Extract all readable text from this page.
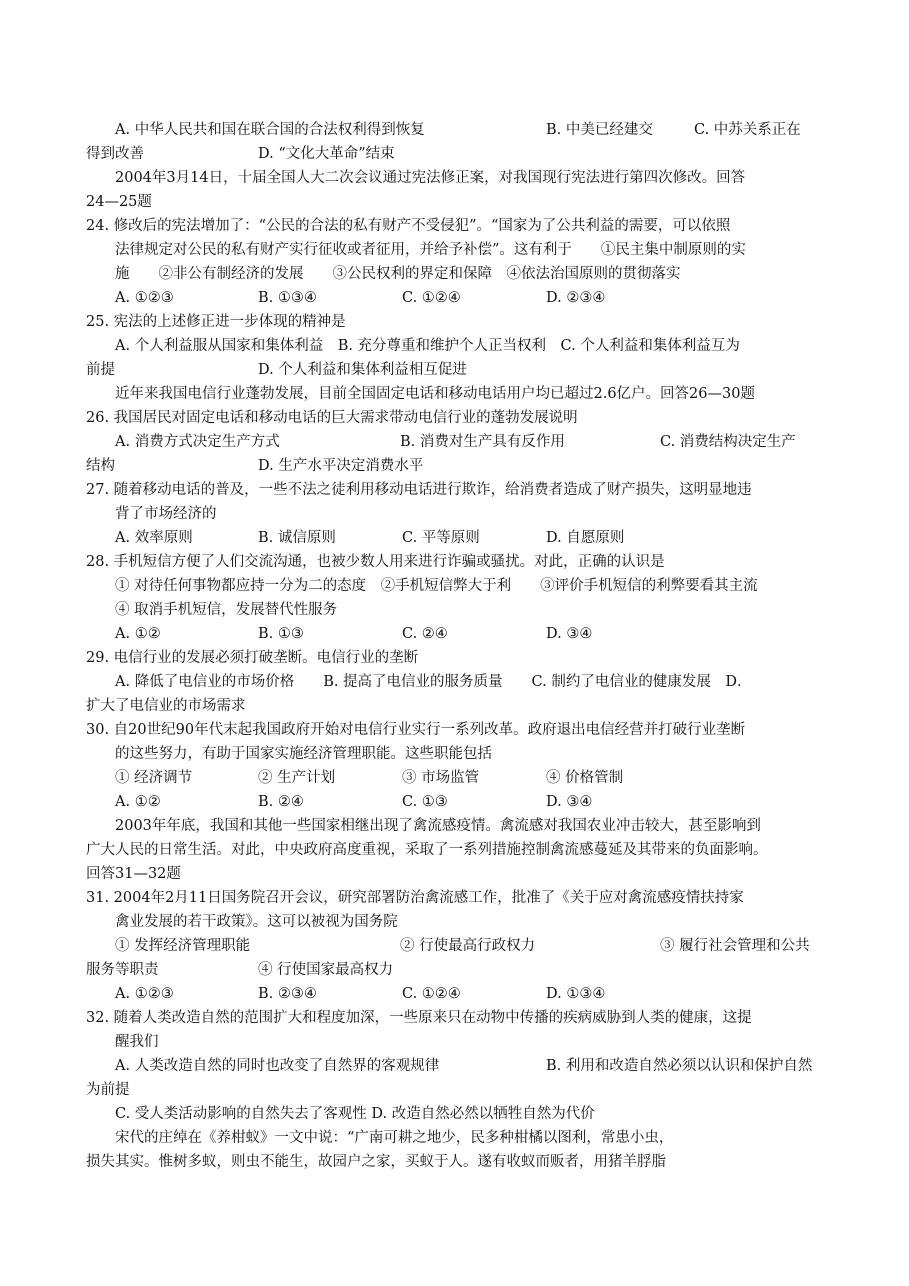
A. 中华人民共和国在联合国的合法权利得到恢复	B. 中美已经建交	C. 中苏关系正在
得到改善	D. “文化大革命”结束
2004年3月14日，十届全国人大二次会议通过宪法修正案，对我国现行宪法进行第四次修改。回答
24—25题
24. 修改后的宪法增加了：“公民的合法的私有财产不受侵犯”。“国家为了公共利益的需要，可以依照
法律规定对公民的私有财产实行征收或者征用，并给予补偿”。这有利于　　①民主集中制原则的实
施　　②非公有制经济的发展　　③公民权利的界定和保障　④依法治国原则的贯彻落实
A. ①②③	B. ①③④	C. ①②④	D. ②③④
25. 宪法的上述修正进一步体现的精神是
A. 个人利益服从国家和集体利益　B. 充分尊重和维护个人正当权利　C. 个人利益和集体利益互为
前提	D. 个人利益和集体利益相互促进
近年来我国电信行业蓬勃发展，目前全国固定电话和移动电话用户均已超过2.6亿户。回答26—30题
26. 我国居民对固定电话和移动电话的巨大需求带动电信行业的蓬勃发展说明
A. 消费方式决定生产方式	B. 消费对生产具有反作用	C. 消费结构决定生产
结构	D. 生产水平决定消费水平
27. 随着移动电话的普及，一些不法之徒利用移动电话进行欺诈，给消费者造成了财产损失，这明显地违
背了市场经济的
A. 效率原则	B. 诚信原则	C. 平等原则	D. 自愿原则
28. 手机短信方便了人们交流沟通，也被少数人用来进行诈骗或骚扰。对此，正确的认识是
① 对待任何事物都应持一分为二的态度　②手机短信弊大于利　　③评价手机短信的利弊要看其主流
④ 取消手机短信，发展替代性服务
A. ①②	B. ①③	C. ②④	D. ③④
29. 电信行业的发展必须打破垄断。电信行业的垄断
A. 降低了电信业的市场价格　　B. 提高了电信业的服务质量　　C. 制约了电信业的健康发展　D．
扩大了电信业的市场需求
30. 自20世纪90年代末起我国政府开始对电信行业实行一系列改革。政府退出电信经营并打破行业垄断
的这些努力，有助于国家实施经济管理职能。这些职能包括
① 经济调节	② 生产计划	③ 市场监管	④ 价格管制
A. ①②	B. ②④	C. ①③	D. ③④
2003年年底，我国和其他一些国家相继出现了禽流感疫情。禽流感对我国农业冲击较大，甚至影响到
广大人民的日常生活。对此，中央政府高度重视，采取了一系列措施控制禽流感蔓延及其带来的负面影响。
回答31—32题
31. 2004年2月11日国务院召开会议，研究部署防治禽流感工作，批准了《关于应对禽流感疫情扶持家
禽业发展的若干政策》。这可以被视为国务院
① 发挥经济管理职能	② 行使最高行政权力	③ 履行社会管理和公共
服务等职责	④ 行使国家最高权力
A. ①②③	B. ②③④	C. ①②④	D. ①③④
32. 随着人类改造自然的范围扩大和程度加深，一些原来只在动物中传播的疾病威胁到人类的健康，这提
醒我们
A. 人类改造自然的同时也改变了自然界的客观规律	B. 利用和改造自然必须以认识和保护自然
为前提
C. 受人类活动影响的自然失去了客观性 D. 改造自然必然以牺牲自然为代价
宋代的庄绰在《养柑蚁》一文中说：“广南可耕之地少，民多种柑橘以图利，常患小虫，
损失其实。惟树多蚁，则虫不能生，故园户之家，买蚁于人。遂有收蚁而贩者，用猪羊脬脂
